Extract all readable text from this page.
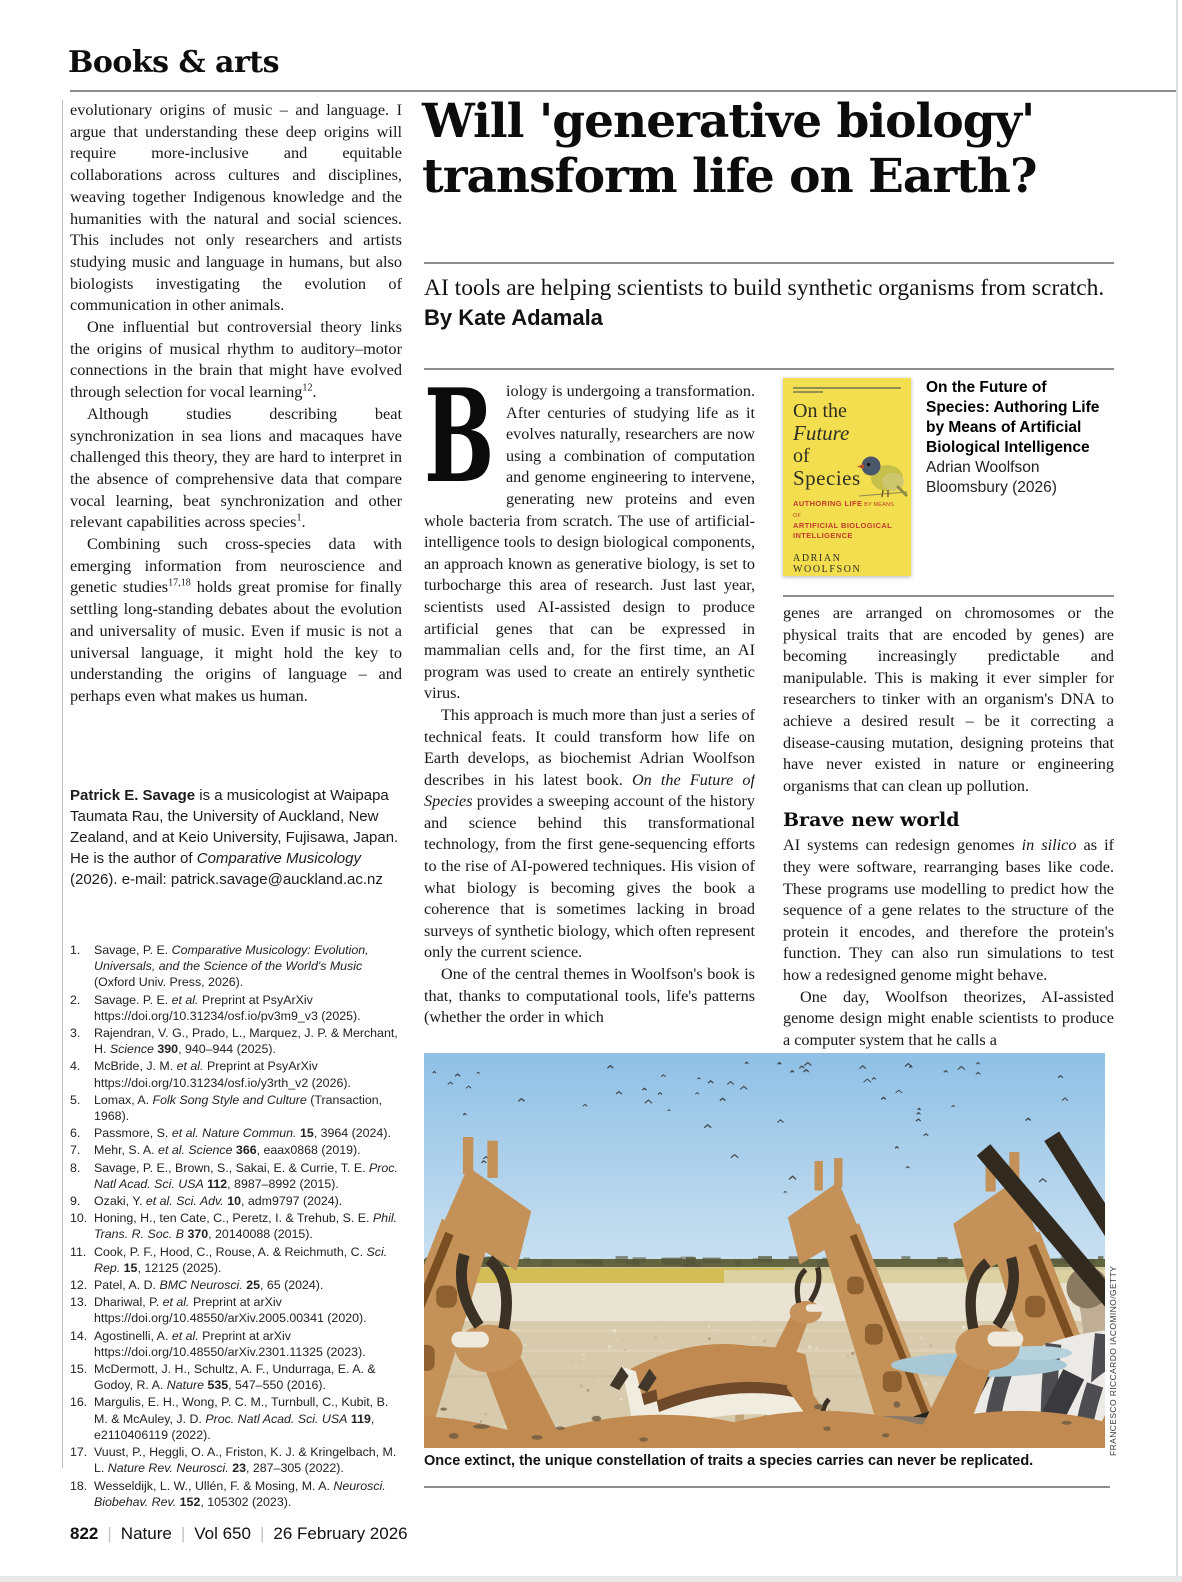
Books & arts

evolutionary origins of music – and language. I argue that understanding these deep origins will require more-inclusive and equitable collaborations across cultures and disciplines, weaving together Indigenous knowledge and the humanities with the natural and social sciences. This includes not only researchers and artists studying music and language in humans, but also biologists investigating the evolution of communication in other animals.

One influential but controversial theory links the origins of musical rhythm to auditory–motor connections in the brain that might have evolved through selection for vocal learning$^{12}$.

Although studies describing beat synchronization in sea lions and macaques have challenged this theory, they are hard to interpret in the absence of comprehensive data that compare vocal learning, beat synchronization and other relevant capabilities across species$^1$.

Combining such cross-species data with emerging information from neuroscience and genetic studies$^{17,18}$ holds great promise for finally settling long-standing debates about the evolution and universality of music. Even if music is not a universal language, it might hold the key to understanding the origins of language – and perhaps even what makes us human.

Patrick E. Savage is a musicologist at Waipapa Taumata Rau, the University of Auckland, New Zealand, and at Keio University, Fujisawa, Japan. He is the author of Comparative Musicology (2026). e-mail: patrick.savage@auckland.ac.nz
1.	Savage, P. E. Comparative Musicology: Evolution, Universals, and the Science of the World's Music (Oxford Univ. Press, 2026).
2.	Savage. P. E. et al. Preprint at PsyArXiv https://doi.org/10.31234/osf.io/pv3m9_v3 (2025).
3.	Rajendran, V. G., Prado, L., Marquez, J. P. & Merchant, H. Science 390, 940–944 (2025).
4.	McBride, J. M. et al. Preprint at PsyArXiv https://doi.org/10.31234/osf.io/y3rth_v2 (2026).
5.	Lomax, A. Folk Song Style and Culture (Transaction, 1968).
6.	Passmore, S. et al. Nature Commun. 15, 3964 (2024).
7.	Mehr, S. A. et al. Science 366, eaax0868 (2019).
8.	Savage, P. E., Brown, S., Sakai, E. & Currie, T. E. Proc. Natl Acad. Sci. USA 112, 8987–8992 (2015).
9.	Ozaki, Y. et al. Sci. Adv. 10, adm9797 (2024).
10. Honing, H., ten Cate, C., Peretz, I. & Trehub, S. E. Phil. Trans. R. Soc. B 370, 20140088 (2015).
11. Cook, P. F., Hood, C., Rouse, A. & Reichmuth, C. Sci. Rep. 15, 12125 (2025).
12. Patel, A. D. BMC Neurosci. 25, 65 (2024).
13. Dhariwal, P. et al. Preprint at arXiv https://doi.org/10.48550/arXiv.2005.00341 (2020).
14. Agostinelli, A. et al. Preprint at arXiv https://doi.org/10.48550/arXiv.2301.11325 (2023).
15. McDermott, J. H., Schultz, A. F., Undurraga, E. A. & Godoy, R. A. Nature 535, 547–550 (2016).
16. Margulis, E. H., Wong, P. C. M., Turnbull, C., Kubit, B. M. & McAuley, J. D. Proc. Natl Acad. Sci. USA 119, e2110406119 (2022).
17. Vuust, P., Heggli, O. A., Friston, K. J. & Kringelbach, M. L. Nature Rev. Neurosci. 23, 287–305 (2022).
18. Wesseldijk, L. W., Ullén, F. & Mosing, M. A. Neurosci. Biobehav. Rev. 152, 105302 (2023).
Will 'generative biology' transform life on Earth?
AI tools are helping scientists to build synthetic organisms from scratch. By Kate Adamala

Biology is undergoing a transformation. After centuries of studying life as it evolves naturally, researchers are now using a combination of computation and genome engineering to intervene, generating new proteins and even whole bacteria from scratch. The use of artificial-intelligence tools to design biological components, an approach known as generative biology, is set to turbocharge this area of research. Just last year, scientists used AI-assisted design to produce artificial genes that can be expressed in mammalian cells and, for the first time, an AI program was used to create an entirely synthetic virus.

This approach is much more than just a series of technical feats. It could transform how life on Earth develops, as biochemist Adrian Woolfson describes in his latest book. On the Future of Species provides a sweeping account of the history and science behind this transformational technology, from the first gene-sequencing efforts to the rise of AI-powered techniques. His vision of what biology is becoming gives the book a coherence that is sometimes lacking in broad surveys of synthetic biology, which often represent only the current science.

One of the central themes in Woolfson's book is that, thanks to computational tools, life's patterns (whether the order in which

On the
Future
of
Species
AUTHORING LIFE BY MEANS OF
ARTIFICIAL BIOLOGICAL
INTELLIGENCE
ADRIAN WOOLFSON
On the Future of Species: Authoring Life by Means of Artificial Biological Intelligence
Adrian Woolfson
Bloomsbury (2026)

genes are arranged on chromosomes or the physical traits that are encoded by genes) are becoming increasingly predictable and manipulable. This is making it ever simpler for researchers to tinker with an organism's DNA to achieve a desired result – be it correcting a disease-causing mutation, designing proteins that have never existed in nature or engineering organisms that can clean up pollution.

Brave new world

AI systems can redesign genomes in silico as if they were software, rearranging bases like code. These programs use modelling to predict how the sequence of a gene relates to the structure of the protein it encodes, and therefore the protein's function. They can also run simulations to test how a redesigned genome might behave.

One day, Woolfson theorizes, AI-assisted genome design might enable scientists to produce a computer system that he calls a

FRANCESCO RICCARDO IACOMINO/GETTY
Once extinct, the unique constellation of traits a species carries can never be replicated.
822 | Nature | Vol 650 | 26 February 2026
